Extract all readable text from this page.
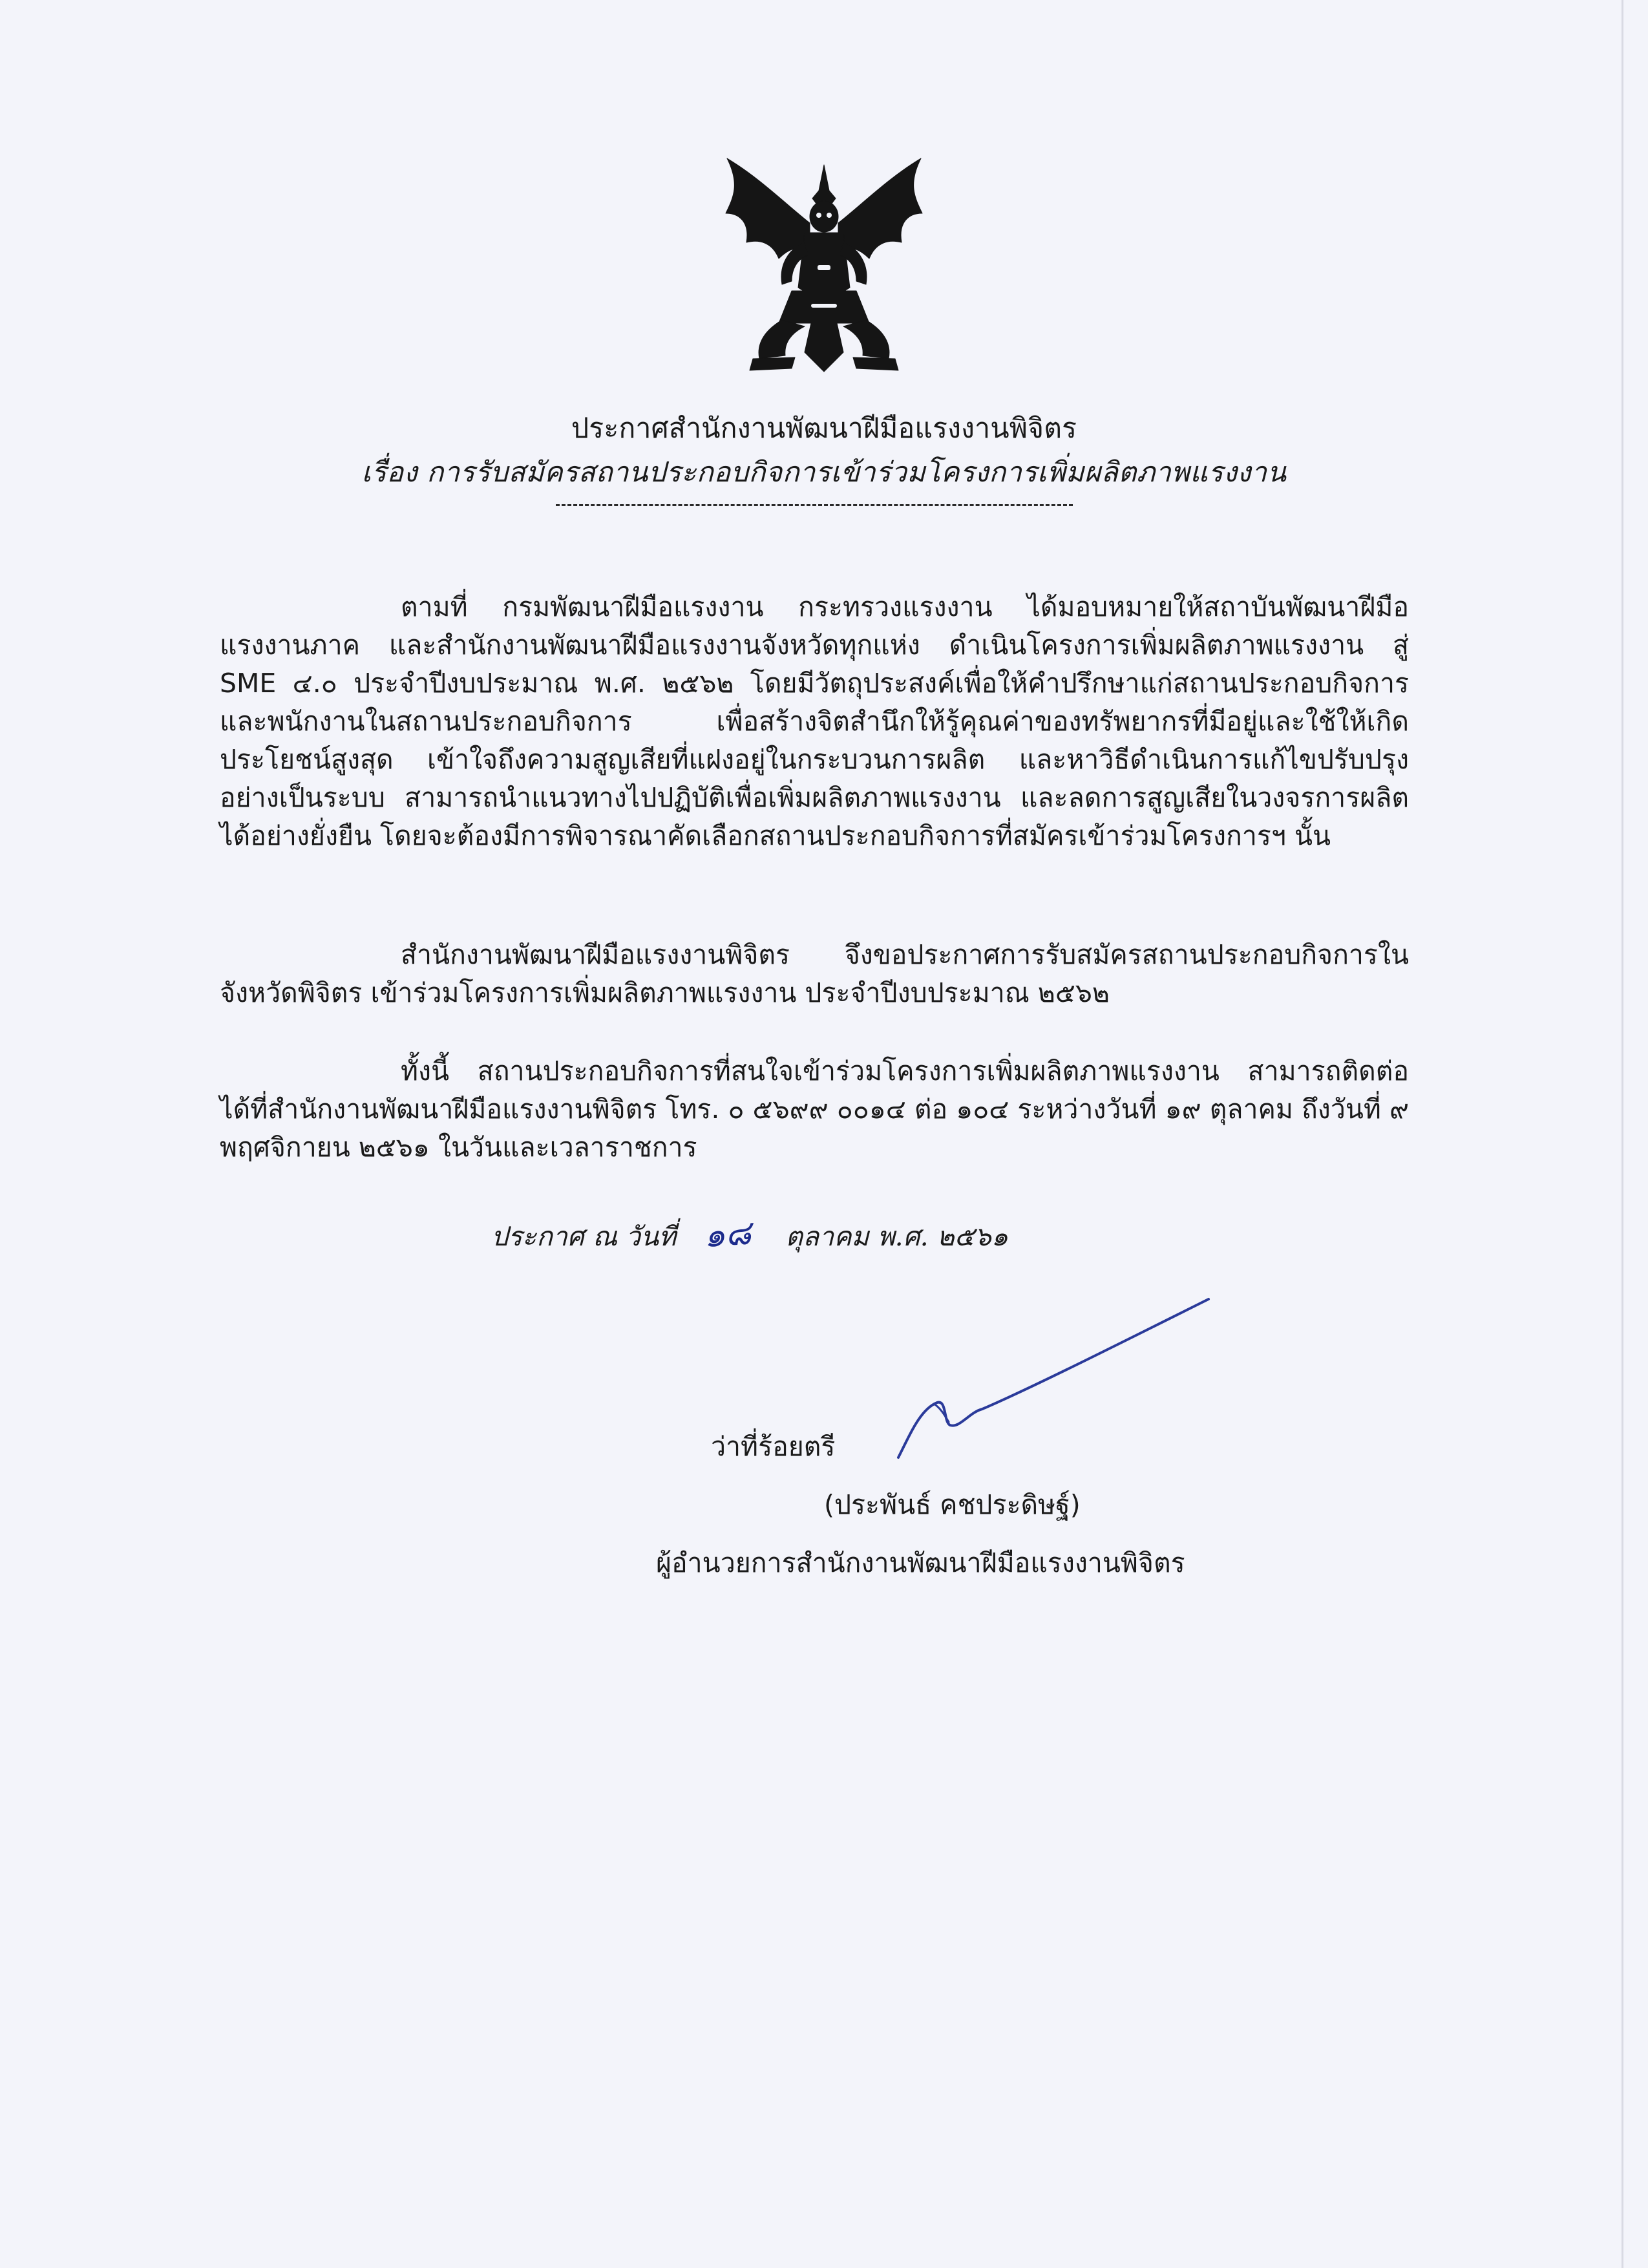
ประกาศสำนักงานพัฒนาฝีมือแรงงานพิจิตร
เรื่อง การรับสมัครสถานประกอบกิจการเข้าร่วมโครงการเพิ่มผลิตภาพแรงงาน

ตามที่ กรมพัฒนาฝีมือแรงงาน กระทรวงแรงงาน ได้มอบหมายให้สถาบันพัฒนาฝีมือแรงงานภาค และสำนักงานพัฒนาฝีมือแรงงานจังหวัดทุกแห่ง ดำเนินโครงการเพิ่มผลิตภาพแรงงาน สู่ SME ๔.๐ ประจำปีงบประมาณ พ.ศ. ๒๕๖๒ โดยมีวัตถุประสงค์เพื่อให้คำปรึกษาแก่สถานประกอบกิจการและพนักงานในสถานประกอบกิจการ เพื่อสร้างจิตสำนึกให้รู้คุณค่าของทรัพยากรที่มีอยู่และใช้ให้เกิดประโยชน์สูงสุด เข้าใจถึงความสูญเสียที่แฝงอยู่ในกระบวนการผลิต และหาวิธีดำเนินการแก้ไขปรับปรุงอย่างเป็นระบบ สามารถนำแนวทางไปปฏิบัติเพื่อเพิ่มผลิตภาพแรงงาน และลดการสูญเสียในวงจรการผลิตได้อย่างยั่งยืน โดยจะต้องมีการพิจารณาคัดเลือกสถานประกอบกิจการที่สมัครเข้าร่วมโครงการฯ นั้น

สำนักงานพัฒนาฝีมือแรงงานพิจิตร จึงขอประกาศการรับสมัครสถานประกอบกิจการในจังหวัดพิจิตร เข้าร่วมโครงการเพิ่มผลิตภาพแรงงาน ประจำปีงบประมาณ ๒๕๖๒

ทั้งนี้ สถานประกอบกิจการที่สนใจเข้าร่วมโครงการเพิ่มผลิตภาพแรงงาน สามารถติดต่อได้ที่สำนักงานพัฒนาฝีมือแรงงานพิจิตร โทร. ๐ ๕๖๙๙ ๐๐๑๔ ต่อ ๑๐๔ ระหว่างวันที่ ๑๙ ตุลาคม ถึงวันที่ ๙ พฤศจิกายน ๒๕๖๑ ในวันและเวลาราชการ

ประกาศ ณ วันที่ ๑๘ ตุลาคม พ.ศ. ๒๕๖๑
ว่าที่ร้อยตรี
(ประพันธ์ คชประดิษฐ์)
ผู้อำนวยการสำนักงานพัฒนาฝีมือแรงงานพิจิตร
